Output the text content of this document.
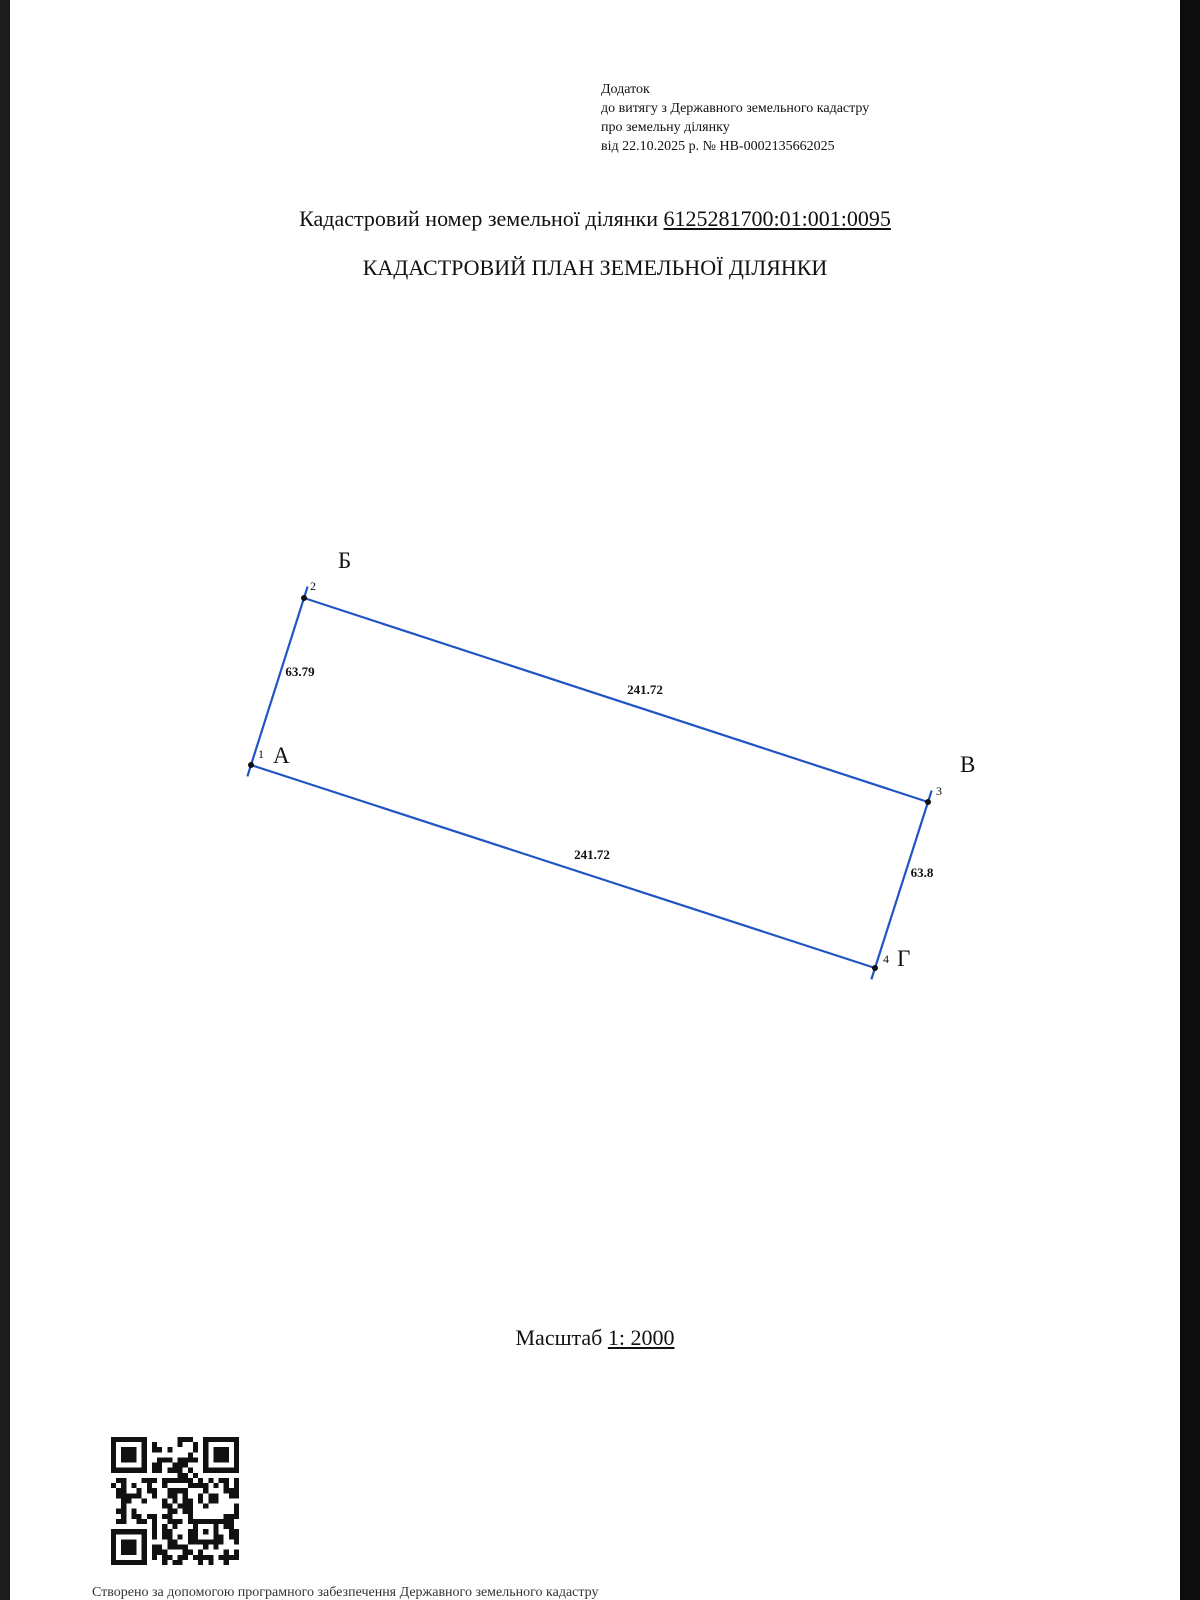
Додаток
до витягу з Державного земельного кадастру
про земельну ділянку
від 22.10.2025 р. № НВ-0002135662025
Кадастровий номер земельної ділянки 6125281700:01:001:0095
КАДАСТРОВИЙ ПЛАН ЗЕМЕЛЬНОЇ ДІЛЯНКИ
Масштаб 1: 2000
Створено за допомогою програмного забезпечення Державного земельного кадастру
63.79
241.72
63.8
241.72
1 А
2
Б
3
В
4 Г
